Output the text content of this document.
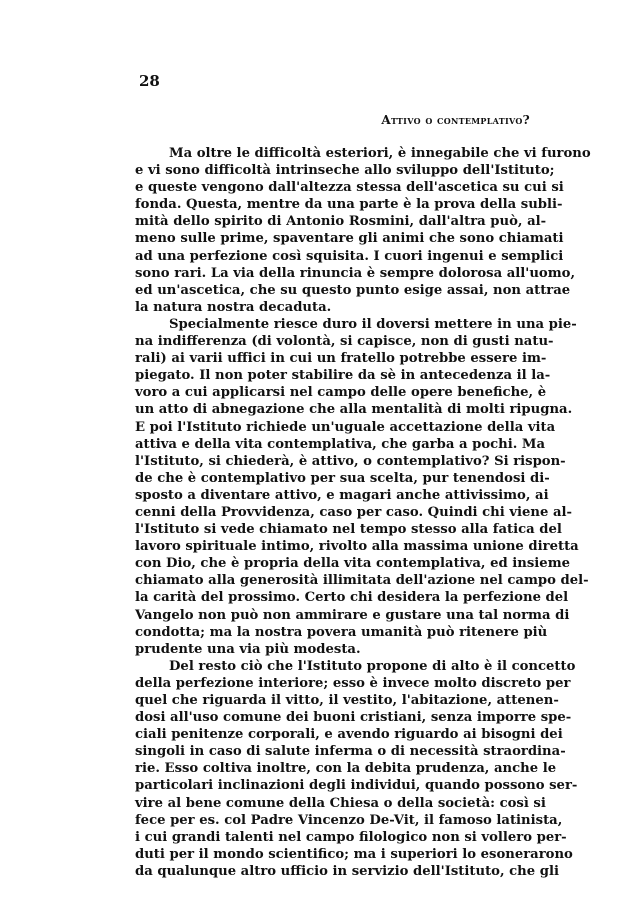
28
Attivo o contemplativo?
Ma oltre le difficoltà esteriori, è innegabile che vi furono
e vi sono difficoltà intrinseche allo sviluppo dell'Istituto;
e queste vengono dall'altezza stessa dell'ascetica su cui si
fonda. Questa, mentre da una parte è la prova della subli-
mità dello spirito di Antonio Rosmini, dall'altra può, al-
meno sulle prime, spaventare gli animi che sono chiamati
ad una perfezione così squisita. I cuori ingenui e semplici
sono rari. La via della rinuncia è sempre dolorosa all'uomo,
ed un'ascetica, che su questo punto esige assai, non attrae
la natura nostra decaduta.
Specialmente riesce duro il doversi mettere in una pie-
na indifferenza (di volontà, si capisce, non di gusti natu-
rali) ai varii uffici in cui un fratello potrebbe essere im-
piegato. Il non poter stabilire da sè in antecedenza il la-
voro a cui applicarsi nel campo delle opere benefiche, è
un atto di abnegazione che alla mentalità di molti ripugna.
E poi l'Istituto richiede un'uguale accettazione della vita
attiva e della vita contemplativa, che garba a pochi. Ma
l'Istituto, si chiederà, è attivo, o contemplativo? Si rispon-
de che è contemplativo per sua scelta, pur tenendosi di-
sposto a diventare attivo, e magari anche attivissimo, ai
cenni della Provvidenza, caso per caso. Quindi chi viene al-
l'Istituto si vede chiamato nel tempo stesso alla fatica del
lavoro spirituale intimo, rivolto alla massima unione diretta
con Dio, che è propria della vita contemplativa, ed insieme
chiamato alla generosità illimitata dell'azione nel campo del-
la carità del prossimo. Certo chi desidera la perfezione del
Vangelo non può non ammirare e gustare una tal norma di
condotta; ma la nostra povera umanità può ritenere più
prudente una via più modesta.
Del resto ciò che l'Istituto propone di alto è il concetto
della perfezione interiore; esso è invece molto discreto per
quel che riguarda il vitto, il vestito, l'abitazione, attenen-
dosi all'uso comune dei buoni cristiani, senza imporre spe-
ciali penitenze corporali, e avendo riguardo ai bisogni dei
singoli in caso di salute inferma o di necessità straordina-
rie. Esso coltiva inoltre, con la debita prudenza, anche le
particolari inclinazioni degli individui, quando possono ser-
vire al bene comune della Chiesa o della società: così si
fece per es. col Padre Vincenzo De-Vit, il famoso latinista,
i cui grandi talenti nel campo filologico non si vollero per-
duti per il mondo scientifico; ma i superiori lo esonerarono
da qualunque altro ufficio in servizio dell'Istituto, che gli
